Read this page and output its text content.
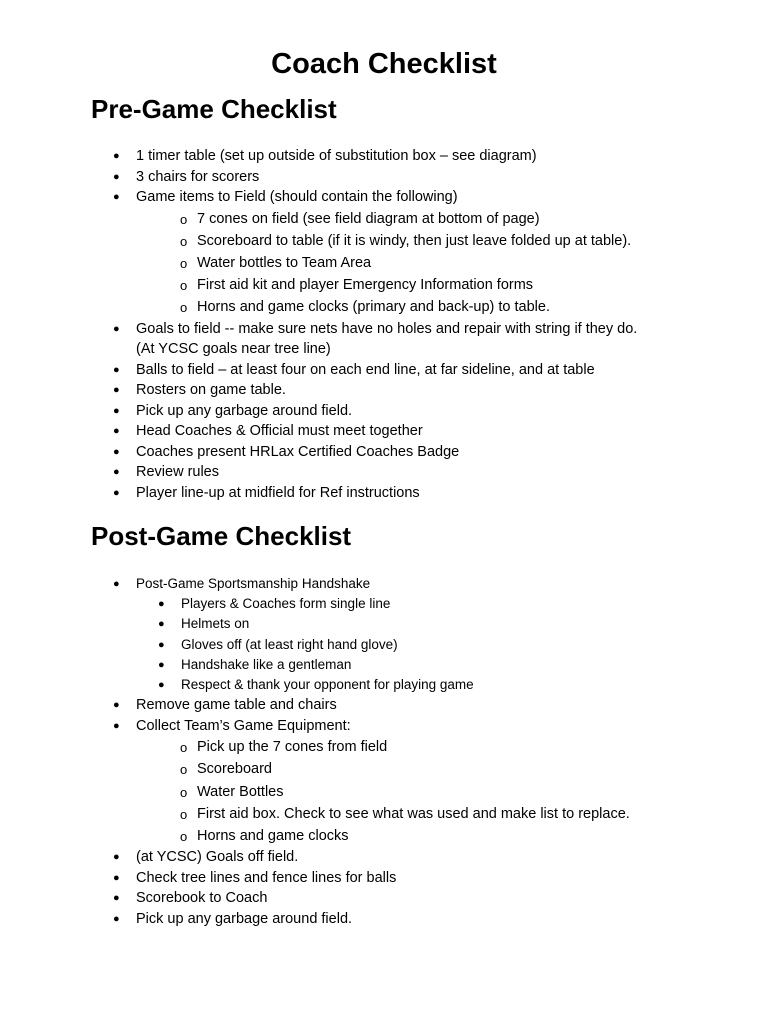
Coach Checklist
Pre-Game Checklist
● 1 timer table (set up outside of substitution box – see diagram)
● 3 chairs for scorers
● Game items to Field (should contain the following)
o 7 cones on field (see field diagram at bottom of page)
o Scoreboard to table (if it is windy, then just leave folded up at table).
o Water bottles to Team Area
o First aid kit and player Emergency Information forms
o Horns and game clocks (primary and back-up) to table.
● Goals to field -- make sure nets have no holes and repair with string if they do.
(At YCSC goals near tree line)
● Balls to field – at least four on each end line, at far sideline, and at table
● Rosters on game table.
● Pick up any garbage around field.
● Head Coaches & Official must meet together
● Coaches present HRLax Certified Coaches Badge
● Review rules
● Player line-up at midfield for Ref instructions
Post-Game Checklist
● Post-Game Sportsmanship Handshake
● Players & Coaches form single line
● Helmets on
● Gloves off (at least right hand glove)
● Handshake like a gentleman
● Respect & thank your opponent for playing game
● Remove game table and chairs
● Collect Team’s Game Equipment:
o Pick up the 7 cones from field
o Scoreboard
o Water Bottles
o First aid box. Check to see what was used and make list to replace.
o Horns and game clocks
● (at YCSC) Goals off field.
● Check tree lines and fence lines for balls
● Scorebook to Coach
● Pick up any garbage around field.
